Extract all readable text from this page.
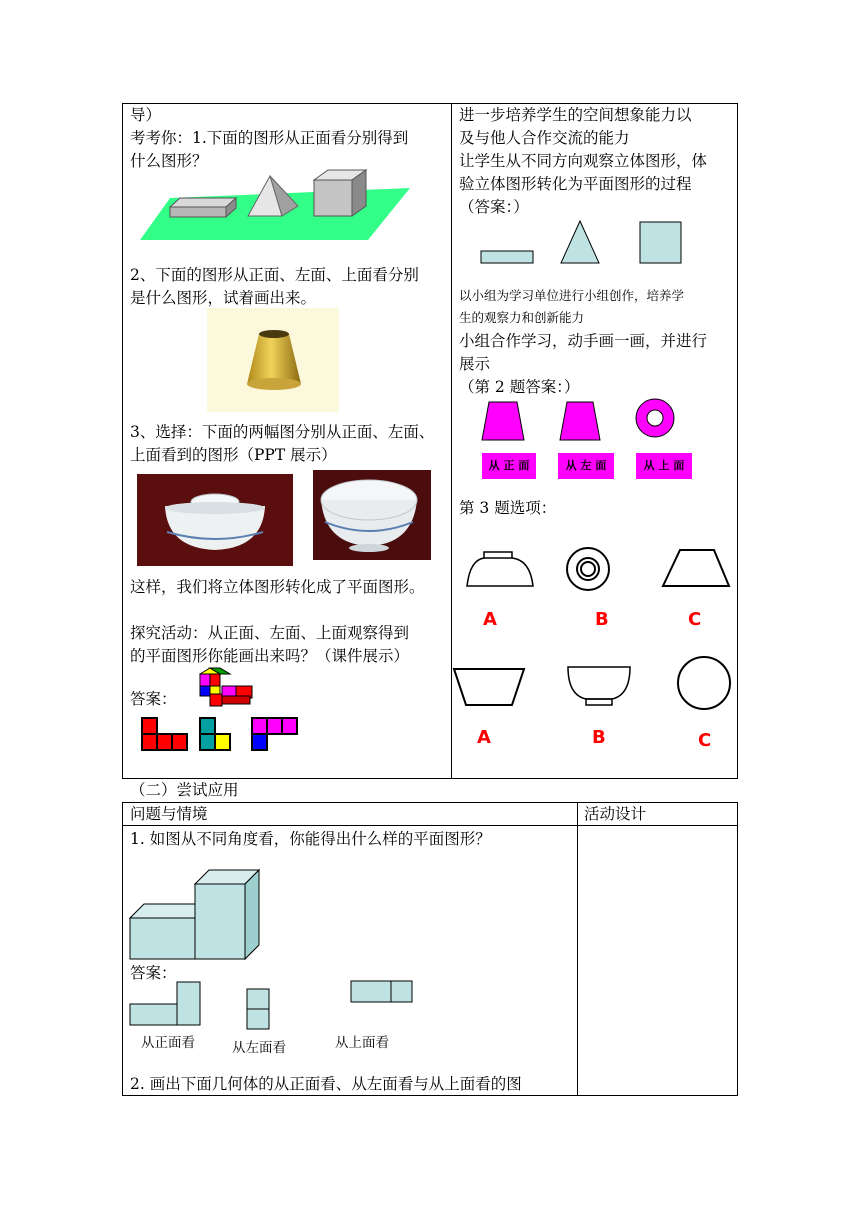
导）
考考你：1.下面的图形从正面看分别得到
什么图形？
2、下面的图形从正面、左面、上面看分别
是什么图形，试着画出来。
3、选择：下面的两幅图分别从正面、左面、
上面看到的图形（PPT 展示）
这样，我们将立体图形转化成了平面图形。
探究活动：从正面、左面、上面观察得到
的平面图形你能画出来吗？（课件展示）
答案：
进一步培养学生的空间想象能力以
及与他人合作交流的能力
让学生从不同方向观察立体图形，体
验立体图形转化为平面图形的过程
（答案：）
以小组为学习单位进行小组创作，培养学
生的观察力和创新能力
小组合作学习，动手画一画，并进行
展示
（第 2 题答案：）
从 正 面	从 左 面	从 上 面
第 3 题选项：
A	B	C
A	B	C
（二）尝试应用
问题与情境	活动设计
1. 如图从不同角度看，你能得出什么样的平面图形？
答案：
从正面看	从左面看	从上面看
2. 画出下面几何体的从正面看、从左面看与从上面看的图
